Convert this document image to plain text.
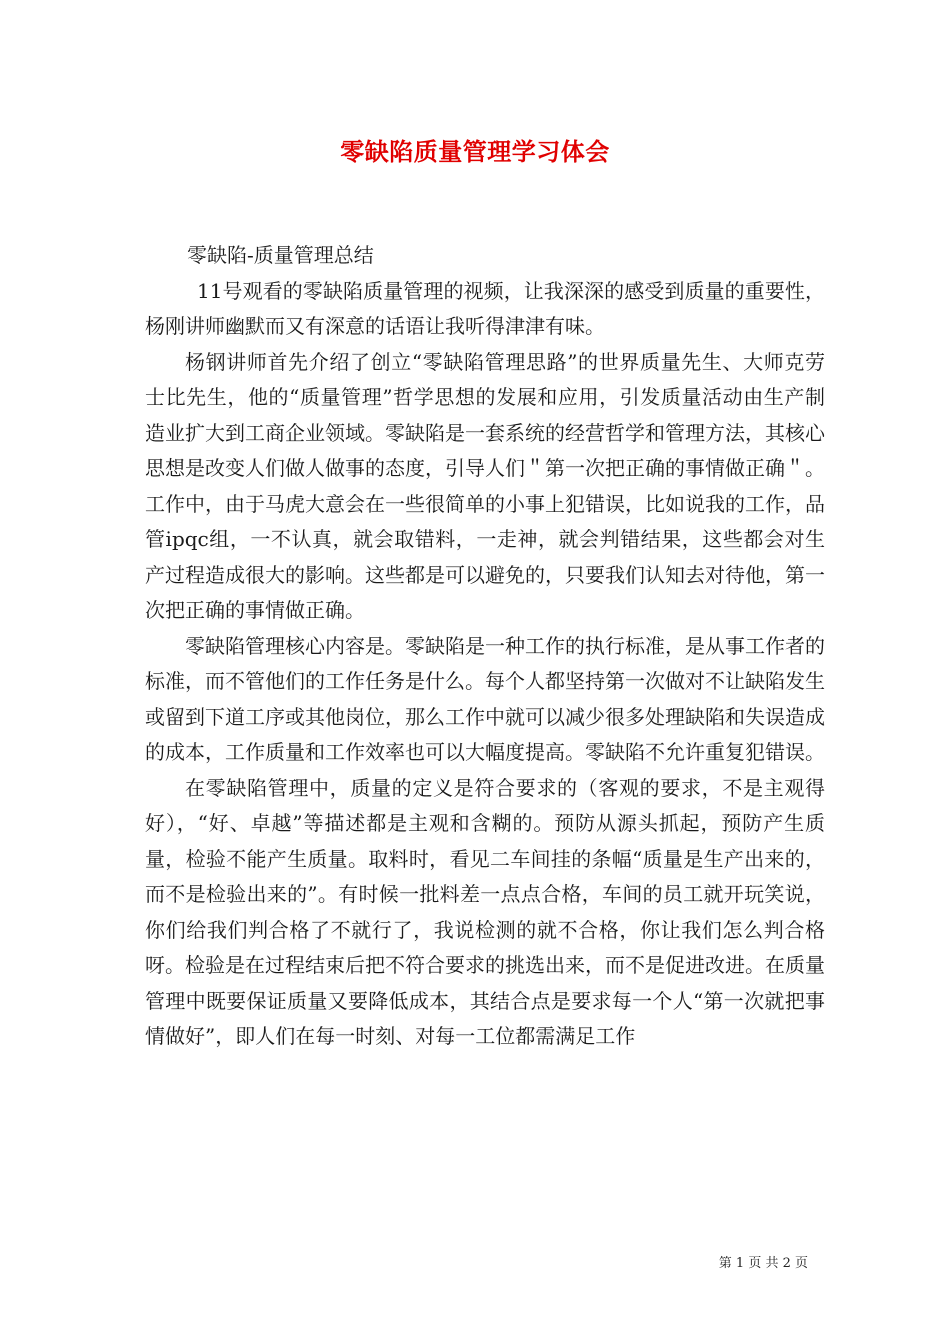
零缺陷质量管理学习体会

零缺陷-质量管理总结

11号观看的零缺陷质量管理的视频，让我深深的感受到质量的重要性，杨刚讲师幽默而又有深意的话语让我听得津津有味。

杨钢讲师首先介绍了创立“零缺陷管理思路”的世界质量先生、大师克劳士比先生，他的“质量管理”哲学思想的发展和应用，引发质量活动由生产制造业扩大到工商企业领域。零缺陷是一套系统的经营哲学和管理方法，其核心思想是改变人们做人做事的态度，引导人们＂第一次把正确的事情做正确＂。工作中，由于马虎大意会在一些很简单的小事上犯错误，比如说我的工作，品管ipqc组，一不认真，就会取错料，一走神，就会判错结果，这些都会对生产过程造成很大的影响。这些都是可以避免的，只要我们认知去对待他，第一次把正确的事情做正确。

零缺陷管理核心内容是。零缺陷是一种工作的执行标准，是从事工作者的标准，而不管他们的工作任务是什么。每个人都坚持第一次做对不让缺陷发生或留到下道工序或其他岗位，那么工作中就可以减少很多处理缺陷和失误造成的成本，工作质量和工作效率也可以大幅度提高。零缺陷不允许重复犯错误。

在零缺陷管理中，质量的定义是符合要求的（客观的要求，不是主观得好），“好、卓越”等描述都是主观和含糊的。预防从源头抓起，预防产生质量，检验不能产生质量。取料时，看见二车间挂的条幅“质量是生产出来的，而不是检验出来的”。有时候一批料差一点点合格，车间的员工就开玩笑说，你们给我们判合格了不就行了，我说检测的就不合格，你让我们怎么判合格呀。检验是在过程结束后把不符合要求的挑选出来，而不是促进改进。在质量管理中既要保证质量又要降低成本，其结合点是要求每一个人“第一次就把事情做好”，即人们在每一时刻、对每一工位都需满足工作

第 1 页 共 2 页
